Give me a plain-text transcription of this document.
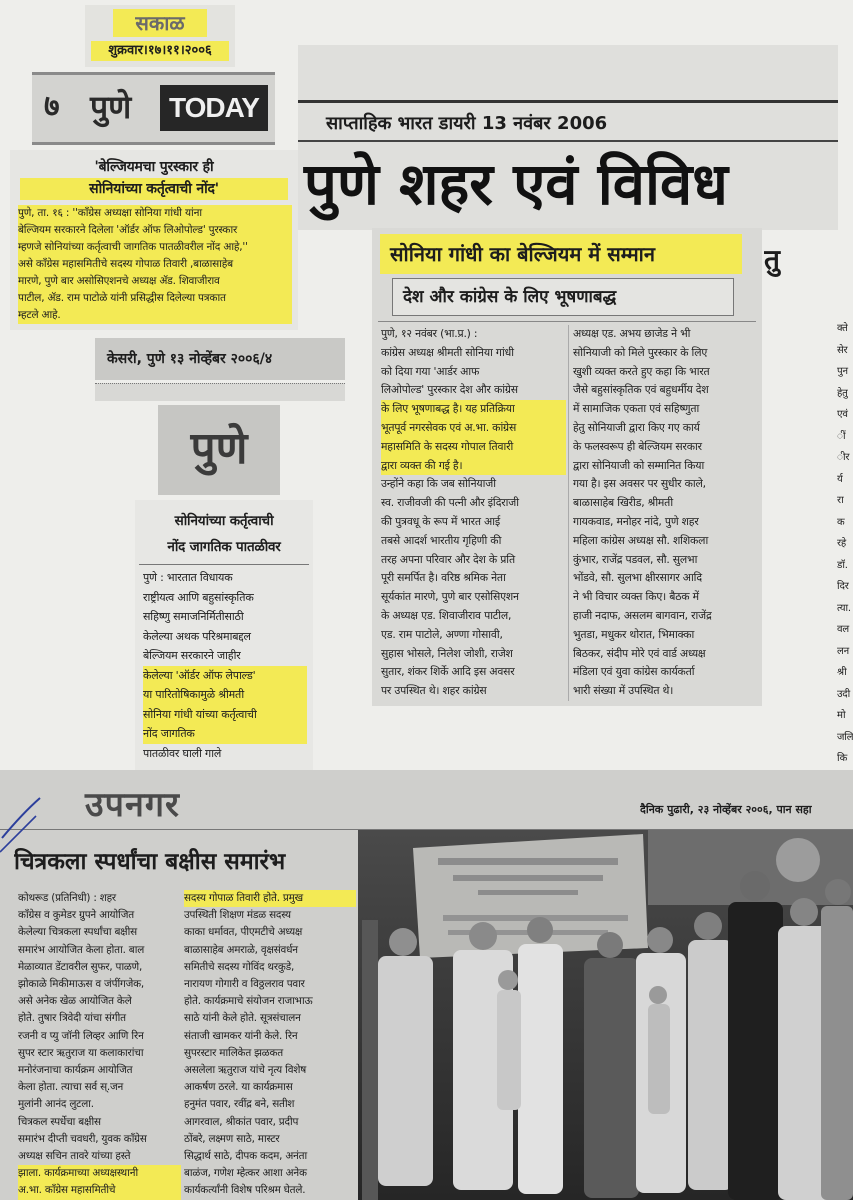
सकाळ
शुक्रवार।१७।११।२००६
७ पुणे	TODAY
'बेल्जियमचा पुरस्कार ही
सोनियांच्या कर्तृत्वाची नोंद'
पुणे, ता. १६ : ''काँग्रेस अध्यक्षा सोनिया गांधी यांना
बेल्जियम सरकारने दिलेला 'ऑर्डर ऑफ लिओपोल्ड' पुरस्कार
म्हणजे सोनियांच्या कर्तृत्वाची जागतिक पातळीवरील नोंद आहे,''
असे काँग्रेस महासमितीचे सदस्य गोपाळ तिवारी ,बाळासाहेब
मारणे, पुणे बार असोसिएशनचे अध्यक्ष ॲड. शिवाजीराव
पाटील, ॲड. राम पाटोळे यांनी प्रसिद्धीस दिलेल्या पत्रकात
म्हटले आहे.
केसरी, पुणे १३ नोव्हेंबर २००६/४
पुणे
सोनियांच्या कर्तृत्वाची
नोंद जागतिक पातळीवर
पुणे : भारतात विधायक
राष्ट्रीयत्व आणि बहुसांस्कृतिक
सहिष्णु समाजनिर्मितीसाठी
केलेल्या अथक परिश्रमाबद्दल
बेल्जियम सरकारने जाहीर
केलेल्या 'ऑर्डर ऑफ लेपाल्ड'
या पारितोषिकामुळे श्रीमती
सोनिया गांधी यांच्या कर्तृत्वाची
नोंद जागतिक
पातळीवर घाली गाले
साप्ताहिक भारत डायरी 13 नवंबर 2006
पुणे शहर एवं विविध
सोनिया गांधी का बेल्जियम में सम्मान
देश और कांग्रेस के लिए भूषणाबद्ध
पुणे, १२ नवंबर (भा.प्र.) :
कांग्रेस अध्यक्ष श्रीमती सोनिया गांधी
को दिया गया 'आर्डर आफ
लिओपोल्ड' पुरस्कार देश और कांग्रेस
के लिए भूषणाबद्ध है। यह प्रतिक्रिया
भूतपूर्व नगरसेवक एवं अ.भा. कांग्रेस
महासमिति के सदस्य गोपाल तिवारी
द्वारा व्यक्त की गई है।
उन्होंने कहा कि जब सोनियाजी
स्व. राजीवजी की पत्नी और इंदिराजी
की पुत्रवधू के रूप में भारत आई
तबसे आदर्श भारतीय गृहिणी की
तरह अपना परिवार और देश के प्रति
पूरी समर्पित है। वरिष्ठ श्रमिक नेता
सूर्यकांत मारणे, पुणे बार एसोसिएशन
के अध्यक्ष एड. शिवाजीराव पाटील,
एड. राम पाटोले, अण्णा गोसावी,
सुहास भोसले, निलेश जोशी, राजेश
सुतार, शंकर शिर्के आदि इस अवसर
पर उपस्थित थे। शहर कांग्रेस
अध्यक्ष एड. अभय छाजेड ने भी
सोनियाजी को मिले पुरस्कार के लिए
खुशी व्यक्त करते हुए कहा कि भारत
जैसे बहुसांस्कृतिक एवं बहुधर्मीय देश
में सामाजिक एकता एवं सहिष्णुता
हेतु सोनियाजी द्वारा किए गए कार्य
के फलस्वरूप ही बेल्जियम सरकार
द्वारा सोनियाजी को सम्मानित किया
गया है। इस अवसर पर सुधीर काले,
बाळासाहेब खिरीड, श्रीमती
गायकवाड, मनोहर नांदे, पुणे शहर
महिला कांग्रेस अध्यक्ष सौ. शशिकला
कुंभार, राजेंद्र पडवल, सौ. सुलभा
भोंडवे, सौ. सुलभा क्षीरसागर आदि
ने भी विचार व्यक्त किए। बैठक में
हाजी नदाफ, असलम बागवान, राजेंद्र
भुतडा, मधुकर थोरात, भिमाक्का
बिठकर, संदीप मोरे एवं वार्ड अध्यक्ष
मंडिला एवं युवा कांग्रेस कार्यकर्ता
भारी संख्या में उपस्थित थे।
तु
क्ते
सेर
पुन
हेतु
एवं
ीं
ीर
र्य
रा
क
रहे
डॉ.
दिर
त्या.
वल
लन
श्री
उदी
मो
जलि
कि
उपनगर	दैनिक पुढारी, २३ नोव्हेंबर २००६, पान सहा
चित्रकला स्पर्धांचा बक्षीस समारंभ
कोथरूड (प्रतिनिधी) : शहर
काँग्रेस व कुमेडर ग्रुपने आयोजित
केलेल्या चित्रकला स्पर्धांचा बक्षीस
समारंभ आयोजित केला होता. बाल
मेळाव्यात डेंटावरील सुफर, पाळणे,
झोकाळे मिकीमाऊस व जंपींगजेक,
असे अनेक खेळ आयोजित केले
होते. तुषार त्रिवेदी यांचा संगीत
रजनी व प्यु जॉनी लिव्हर आणि रिन
सुपर स्टार ऋतुराज या कलाकारांचा
मनोरंजनाचा कार्यक्रम आयोजित
केला होता. त्याचा सर्व स्.जन
मुलांनी आनंद लुटला.
चित्रकल स्पर्धेचा बक्षीस
समारंभ दीप्ती चवधरी, युवक काँग्रेस
अध्यक्ष सचिन तावरे यांच्या हस्ते
झाला. कार्यक्रमाच्या अध्यक्षस्थानी
अ.भा. काँग्रेस महासमितीचे
सदस्य गोपाळ तिवारी होते. प्रमुख
उपस्थिती शिक्षण मंडळ सदस्य
काका धर्मावत, पीएमटीचे अध्यक्ष
बाळासाहेब अमराळे, वृक्षसंवर्धन
समितीचे सदस्य गोविंद थरकुडे,
नारायण गोगारी व विठ्ठलराव पवार
होते. कार्यक्रमाचे संयोजन राजाभाऊ
साठे यांनी केले होते. सूत्रसंचालन
संताजी खामकर यांनी केले. रिन
सुपरस्टार मालिकेत झळकत
असलेला ऋतुराज यांचे नृत्य विशेष
आकर्षण ठरले. या कार्यक्रमास
हनुमंत पवार, रवींद्र बने, सतीश
आगरवाल, श्रीकांत पवार, प्रदीप
ठोंबरे, लक्ष्मण साठे, मास्टर
सिद्धार्थ साठे, दीपक कदम, अनंता
बाळंज, गणेश म्हेत्कर आशा अनेक
कार्यकर्त्यांनी विशेष परिश्रम घेतले.
